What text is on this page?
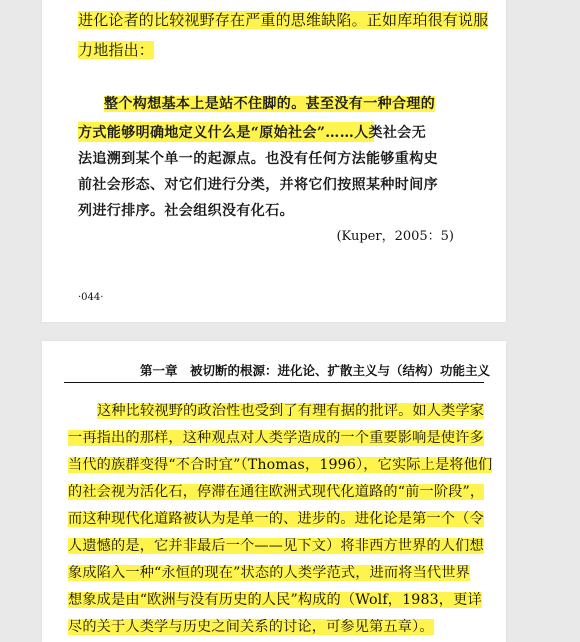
进化论者的比较视野存在严重的思维缺陷。正如库珀很有说服
力地指出：
整个构想基本上是站不住脚的。甚至没有一种合理的
方式能够明确地定义什么是“原始社会”……人类社会无
法追溯到某个单一的起源点。也没有任何方法能够重构史
前社会形态、对它们进行分类，并将它们按照某种时间序
列进行排序。社会组织没有化石。
(Kuper，2005：5)
·044·
第一章　被切断的根源：进化论、扩散主义与（结构）功能主义
这种比较视野的政治性也受到了有理有据的批评。如人类学家
一再指出的那样，这种观点对人类学造成的一个重要影响是使许多
当代的族群变得“不合时宜”（Thomas，1996），它实际上是将他们
的社会视为活化石，停滞在通往欧洲式现代化道路的“前一阶段”，
而这种现代化道路被认为是单一的、进步的。进化论是第一个（令
人遗憾的是，它并非最后一个——见下文）将非西方世界的人们想
象成陷入一种“永恒的现在”状态的人类学范式，进而将当代世界
想象成是由“欧洲与没有历史的人民”构成的（Wolf，1983，更详
尽的关于人类学与历史之间关系的讨论，可参见第五章）。
